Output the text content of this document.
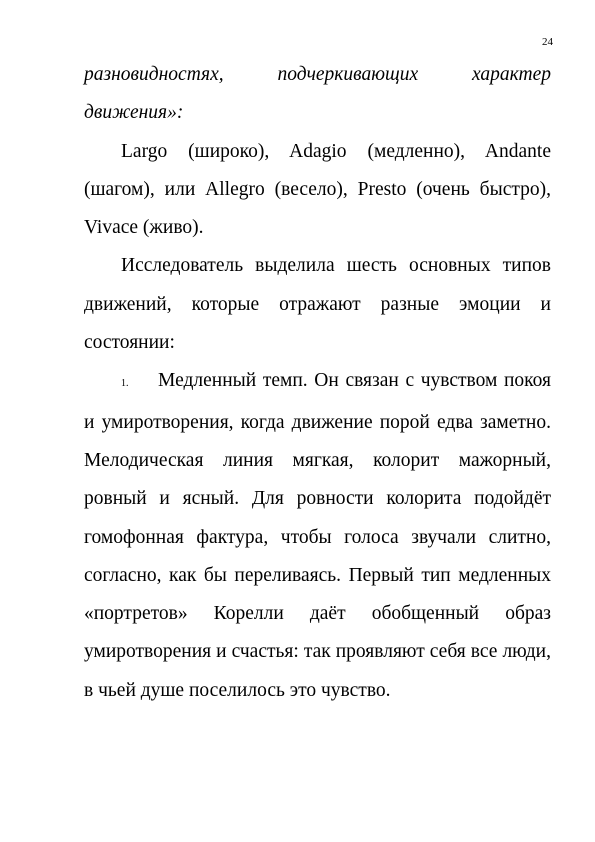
24

разновидностях, подчеркивающих характер движения»:

Largo (широко), Adagio (медленно), Andante (шагом), или Allegro (весело), Presto (очень быстро), Vivace (живо).

Исследователь выделила шесть основных типов движений, которые отражают разные эмоции и состоянии:

1. Медленный темп. Он связан с чувством покоя и умиротворения, когда движение порой едва заметно. Мелодическая линия мягкая, колорит мажорный, ровный и ясный. Для ровности колорита подойдёт гомофонная фактура, чтобы голоса звучали слитно, согласно, как бы переливаясь. Первый тип медленных «портретов» Корелли даёт обобщенный образ умиротворения и счастья: так проявляют себя все люди, в чьей душе поселилось это чувство.
